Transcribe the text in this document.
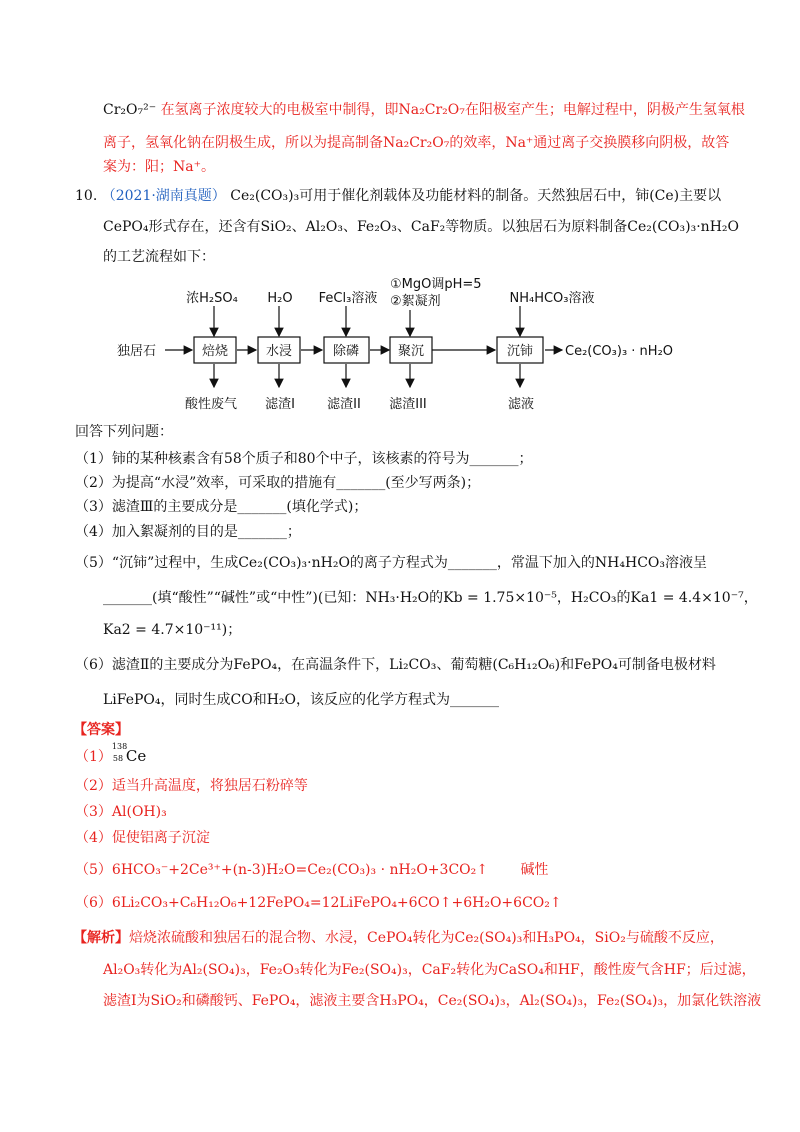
Cr₂O₇²⁻ 在氢离子浓度较大的电极室中制得，即Na₂Cr₂O₇在阳极室产生；电解过程中，阴极产生氢氧根
离子，氢氧化钠在阴极生成，所以为提高制备Na₂Cr₂O₇的效率，Na⁺通过离子交换膜移向阴极，故答
案为：阳；Na⁺。
10. （2021·湖南真题） Ce₂(CO₃)₃可用于催化剂载体及功能材料的制备。天然独居石中，铈(Ce)主要以
CePO₄形式存在，还含有SiO₂、Al₂O₃、Fe₂O₃、CaF₂等物质。以独居石为原料制备Ce₂(CO₃)₃·nH₂O
的工艺流程如下：
独居石	Ce₂(CO₃)₃ · nH₂O
焙烧	水浸	除磷	聚沉	沉铈
浓H₂SO₄ H₂O FeCl₃溶液
①MgO调pH=5
②絮凝剂	NH₄HCO₃溶液
酸性废气 滤渣I 滤渣II 滤渣III	滤液
回答下列问题：
（1）铈的某种核素含有58个质子和80个中子，该核素的符号为_______；
（2）为提高“水浸”效率，可采取的措施有_______(至少写两条)；
（3）滤渣Ⅲ的主要成分是_______(填化学式)；
（4）加入絮凝剂的目的是_______；
（5）“沉铈”过程中，生成Ce₂(CO₃)₃·nH₂O的离子方程式为_______，常温下加入的NH₄HCO₃溶液呈
_______(填“酸性”“碱性”或“中性”)(已知：NH₃·H₂O的Kb = 1.75×10⁻⁵，H₂CO₃的Ka1 = 4.4×10⁻⁷，
Ka2 = 4.7×10⁻¹¹)；
（6）滤渣Ⅱ的主要成分为FePO₄，在高温条件下，Li₂CO₃、葡萄糖(C₆H₁₂O₆)和FePO₄可制备电极材料
LiFePO₄，同时生成CO和H₂O，该反应的化学方程式为_______
【答案】
（1）
138
58 Ce
（2）适当升高温度，将独居石粉碎等
（3）Al(OH)₃
（4）促使铝离子沉淀
（5）6HCO₃⁻+2Ce³⁺+(n-3)H₂O=Ce₂(CO₃)₃ · nH₂O+3CO₂↑ 碱性
（6）6Li₂CO₃+C₆H₁₂O₆+12FePO₄=12LiFePO₄+6CO↑+6H₂O+6CO₂↑
【解析】焙烧浓硫酸和独居石的混合物、水浸，CePO₄转化为Ce₂(SO₄)₃和H₃PO₄，SiO₂与硫酸不反应，
Al₂O₃转化为Al₂(SO₄)₃，Fe₂O₃转化为Fe₂(SO₄)₃，CaF₂转化为CaSO₄和HF，酸性废气含HF；后过滤，
滤渣Ⅰ为SiO₂和磷酸钙、FePO₄，滤液主要含H₃PO₄，Ce₂(SO₄)₃，Al₂(SO₄)₃，Fe₂(SO₄)₃，加氯化铁溶液
